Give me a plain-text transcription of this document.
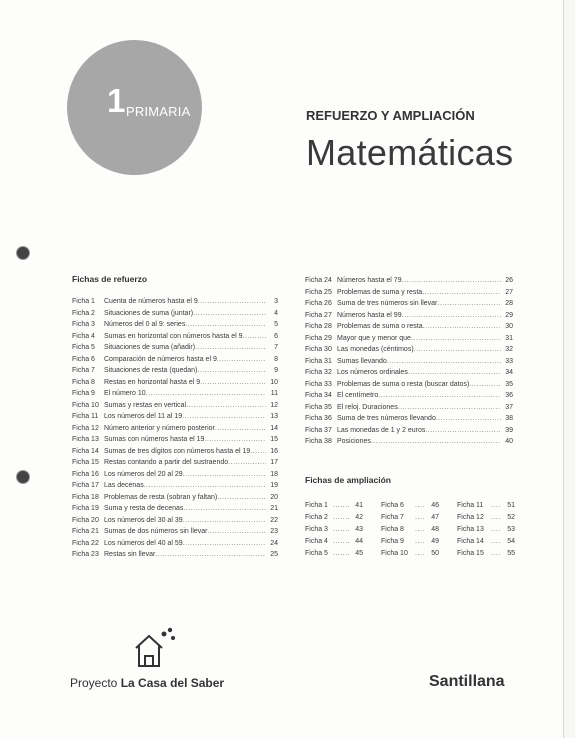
1 PRIMARIA	REFUERZO Y AMPLIACIÓN
Matemáticas
Fichas de refuerzo
Ficha 1	Cuenta de números hasta el 9 .....	3
Ficha 2	Situaciones de suma (juntar) .....	4
Ficha 3	Números del 0 al 9: series .....	5
Ficha 4	Sumas en horizontal con números hasta el 9 .....	6
Ficha 5	Situaciones de suma (añadir) .....	7
Ficha 6	Comparación de números hasta el 9 .....	8
Ficha 7	Situaciones de resta (quedan) .....	9
Ficha 8	Restas en horizontal hasta el 9 .....	10
Ficha 9	El número 10 .....	11
Ficha 10 Sumas y restas en vertical .....	12
Ficha 11 Los números del 11 al 19 .....	13
Ficha 12 Número anterior y número posterior .....	14
Ficha 13 Sumas con números hasta el 19 .....	15
Ficha 14 Sumas de tres dígitos con números hasta el 19 .....	16
Ficha 15 Restas contando a partir del sustraendo .....	17
Ficha 16 Los números del 20 al 29 .....	18
Ficha 17 Las decenas .....	19
Ficha 18 Problemas de resta (sobran y faltan) .....	20
Ficha 19 Suma y resta de decenas .....	21
Ficha 20 Los números del 30 al 39 .....	22
Ficha 21 Sumas de dos números sin llevar .....	23
Ficha 22 Los números del 40 al 59 .....	24
Ficha 23 Restas sin llevar .....	25
Ficha 24 Números hasta el 79 .....	26
Ficha 25 Problemas de suma y resta .....	27
Ficha 26 Suma de tres números sin llevar .....	28
Ficha 27 Números hasta el 99 .....	29
Ficha 28 Problemas de suma o resta .....	30
Ficha 29 Mayor que y menor que .....	31
Ficha 30 Las monedas (céntimos) .....	32
Ficha 31 Sumas llevando .....	33
Ficha 32 Los números ordinales .....	34
Ficha 33 Problemas de suma o resta (buscar datos) .....	35
Ficha 34 El centímetro .....	36
Ficha 35 El reloj. Duraciones .....	37
Ficha 36 Suma de tres números llevando .....	38
Ficha 37 Las monedas de 1 y 2 euros .....	39
Ficha 38 Posiciones .....	40
Fichas de ampliación
Ficha 1 .....	41
Ficha 2 .....	42
Ficha 3 .....	43
Ficha 4 .....	44
Ficha 5 .....	45
Ficha 6 .....	46
Ficha 7 .....	47
Ficha 8 .....	48
Ficha 9 .....	49
Ficha 10 .....	50
Ficha 11 .....	51
Ficha 12 .....	52
Ficha 13 .....	53
Ficha 14 .....	54
Ficha 15 .....	55
Proyecto La Casa del Saber	Santillana
